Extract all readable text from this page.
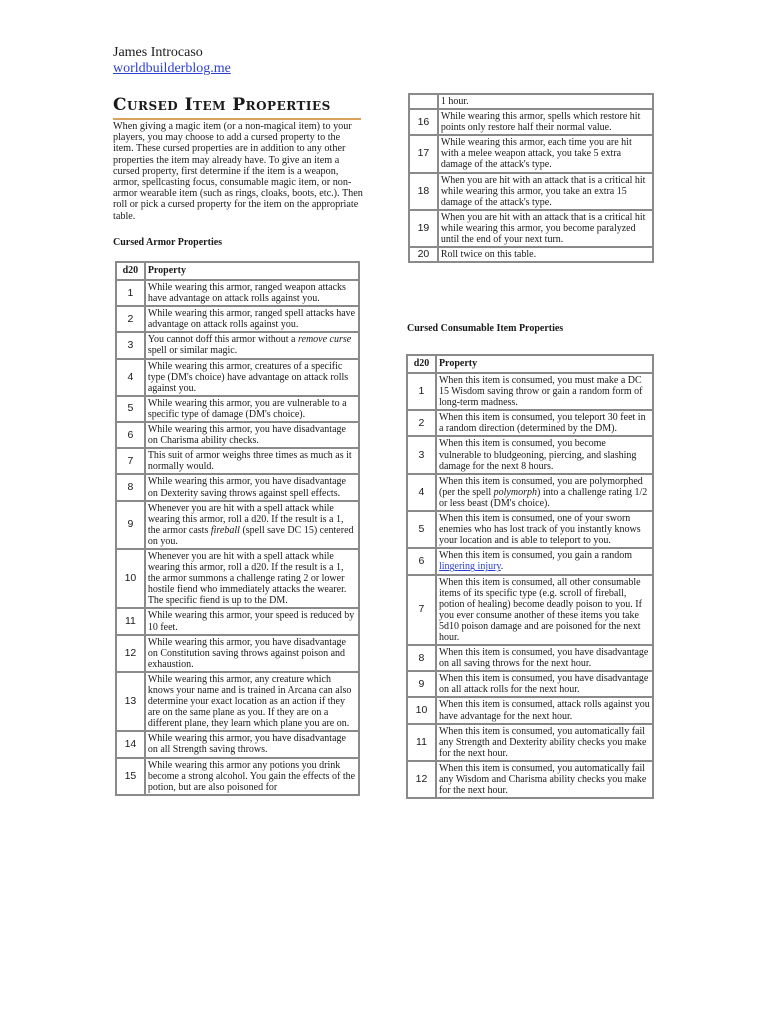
James Introcaso
worldbuilderblog.me
Cursed Item Properties
When giving a magic item (or a non-magical item) to your players, you may choose to add a cursed property to the item. These cursed properties are in addition to any other properties the item may already have. To give an item a cursed property, first determine if the item is a weapon, armor, spellcasting focus, consumable magic item, or non-armor wearable item (such as rings, cloaks, boots, etc.). Then roll or pick a cursed property for the item on the appropriate table.
Cursed Armor Properties
d20	Property
1	While wearing this armor, ranged weapon attacks have advantage on attack rolls against you.
2	While wearing this armor, ranged spell attacks have advantage on attack rolls against you.
3	You cannot doff this armor without a remove curse spell or similar magic.
4	While wearing this armor, creatures of a specific type (DM's choice) have advantage on attack rolls against you.
5	While wearing this armor, you are vulnerable to a specific type of damage (DM's choice).
6	While wearing this armor, you have disadvantage on Charisma ability checks.
7	This suit of armor weighs three times as much as it normally would.
8	While wearing this armor, you have disadvantage on Dexterity saving throws against spell effects.
9	Whenever you are hit with a spell attack while wearing this armor, roll a d20. If the result is a 1, the armor casts fireball (spell save DC 15) centered on you.
10	Whenever you are hit with a spell attack while wearing this armor, roll a d20. If the result is a 1, the armor summons a challenge rating 2 or lower hostile fiend who immediately attacks the wearer. The specific fiend is up to the DM.
11	While wearing this armor, your speed is reduced by 10 feet.
12	While wearing this armor, you have disadvantage on Constitution saving throws against poison and exhaustion.
13	While wearing this armor, any creature which knows your name and is trained in Arcana can also determine your exact location as an action if they are on the same plane as you. If they are on a different plane, they learn which plane you are on.
14	While wearing this armor, you have disadvantage on all Strength saving throws.
15	While wearing this armor any potions you drink become a strong alcohol. You gain the effects of the potion, but are also poisoned for
	1 hour.
16	While wearing this armor, spells which restore hit points only restore half their normal value.
17	While wearing this armor, each time you are hit with a melee weapon attack, you take 5 extra damage of the attack's type.
18	When you are hit with an attack that is a critical hit while wearing this armor, you take an extra 15 damage of the attack's type.
19	When you are hit with an attack that is a critical hit while wearing this armor, you become paralyzed until the end of your next turn.
20	Roll twice on this table.
Cursed Consumable Item Properties
d20	Property
1	When this item is consumed, you must make a DC 15 Wisdom saving throw or gain a random form of long-term madness.
2	When this item is consumed, you teleport 30 feet in a random direction (determined by the DM).
3	When this item is consumed, you become vulnerable to bludgeoning, piercing, and slashing damage for the next 8 hours.
4	When this item is consumed, you are polymorphed (per the spell polymorph) into a challenge rating 1/2 or less beast (DM's choice).
5	When this item is consumed, one of your sworn enemies who has lost track of you instantly knows your location and is able to teleport to you.
6	When this item is consumed, you gain a random lingering injury.
7	When this item is consumed, all other consumable items of its specific type (e.g. scroll of fireball, potion of healing) become deadly poison to you. If you ever consume another of these items you take 5d10 poison damage and are poisoned for the next hour.
8	When this item is consumed, you have disadvantage on all saving throws for the next hour.
9	When this item is consumed, you have disadvantage on all attack rolls for the next hour.
10	When this item is consumed, attack rolls against you have advantage for the next hour.
11	When this item is consumed, you automatically fail any Strength and Dexterity ability checks you make for the next hour.
12	When this item is consumed, you automatically fail any Wisdom and Charisma ability checks you make for the next hour.
